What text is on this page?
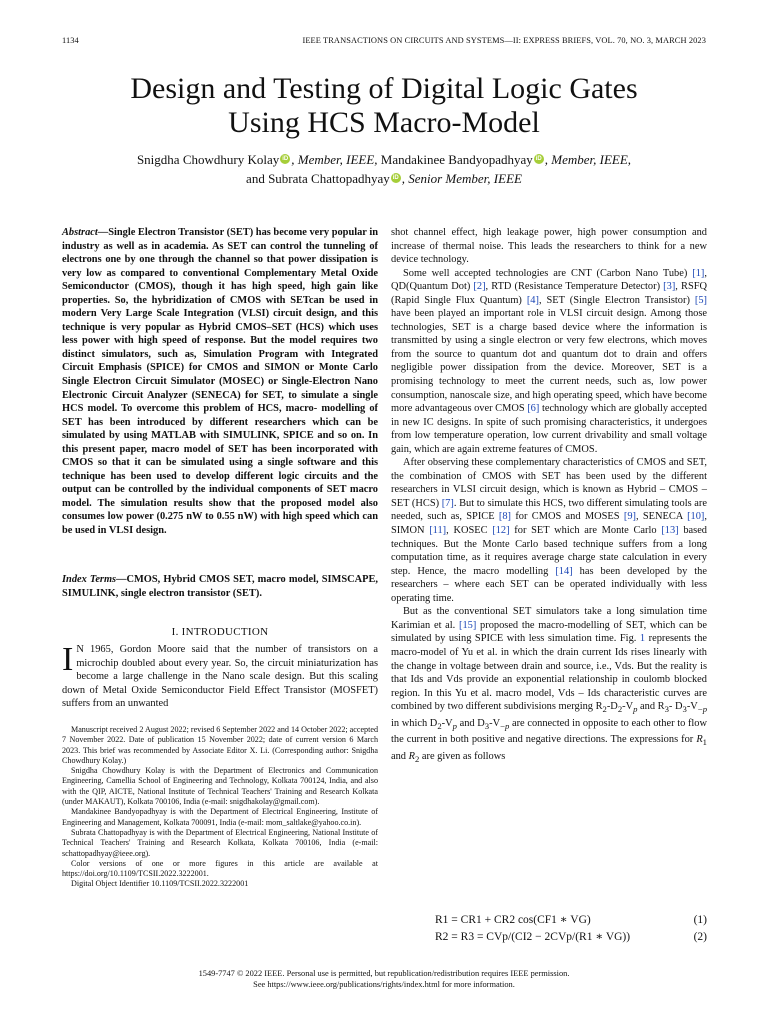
1134	IEEE TRANSACTIONS ON CIRCUITS AND SYSTEMS—II: EXPRESS BRIEFS, VOL. 70, NO. 3, MARCH 2023
Design and Testing of Digital Logic Gates
Using HCS Macro-Model
Snigdha Chowdhury Kolay iD , Member, IEEE, Mandakinee Bandyopadhyay iD , Member, IEEE,
and Subrata Chattopadhyay iD , Senior Member, IEEE
Abstract—Single Electron Transistor (SET) has become very popular in industry as well as in academia. As SET can control the tunneling of electrons one by one through the channel so that power dissipation is very low as compared to conventional Complementary Metal Oxide Semiconductor (CMOS), though it has high speed, high gain like properties. So, the hybridization of CMOS with SETcan be used in modern Very Large Scale Integration (VLSI) circuit design, and this technique is very popular as Hybrid CMOS–SET (HCS) which uses less power with high speed of response. But the model requires two distinct simulators, such as, Simulation Program with Integrated Circuit Emphasis (SPICE) for CMOS and SIMON or Monte Carlo Single Electron Circuit Simulator (MOSEC) or Single-Electron Nano Electronic Circuit Analyzer (SENECA) for SET, to simulate a single HCS model. To overcome this problem of HCS, macro- modelling of SET has been introduced by different researchers which can be simulated by using MATLAB with SIMULINK, SPICE and so on. In this present paper, macro model of SET has been incorporated with CMOS so that it can be simulated using a single software and this technique has been used to develop different logic circuits and the output can be controlled by the individual components of SET macro model. The simulation results show that the proposed model also consumes low power (0.275 nW to 0.55 nW) with high speed which can be used in VLSI design.
Index Terms—CMOS, Hybrid CMOS SET, macro model, SIMSCAPE, SIMULINK, single electron transistor (SET).
I. INTRODUCTION
I N 1965, Gordon Moore said that the number of transistors on a microchip doubled about every year. So, the circuit miniaturization has become a large challenge in the Nano scale design. But this scaling down of Metal Oxide Semiconductor Field Effect Transistor (MOSFET) suffers from an unwanted

Manuscript received 2 August 2022; revised 6 September 2022 and 14 October 2022; accepted 7 November 2022. Date of publication 15 November 2022; date of current version 6 March 2023. This brief was recommended by Associate Editor X. Li. (Corresponding author: Snigdha Chowdhury Kolay.)

Snigdha Chowdhury Kolay is with the Department of Electronics and Communication Engineering, Camellia School of Engineering and Technology, Kolkata 700124, India, and also with the QIP, AICTE, National Institute of Technical Teachers' Training and Research Kolkata (under MAKAUT), Kolkata 700106, India (e-mail: snigdhakolay@gmail.com).

Mandakinee Bandyopadhyay is with the Department of Electrical Engineering, Institute of Engineering and Management, Kolkata 700091, India (e-mail: mom_saltlake@yahoo.co.in).

Subrata Chattopadhyay is with the Department of Electrical Engineering, National Institute of Technical Teachers' Training and Research Kolkata, Kolkata 700106, India (e-mail: schattopadhyay@ieee.org).

Color versions of one or more figures in this article are available at https://doi.org/10.1109/TCSII.2022.3222001.

Digital Object Identifier 10.1109/TCSII.2022.3222001

shot channel effect, high leakage power, high power consumption and increase of thermal noise. This leads the researchers to think for a new device technology.

Some well accepted technologies are CNT (Carbon Nano Tube) [1], QD(Quantum Dot) [2], RTD (Resistance Temperature Detector) [3], RSFQ (Rapid Single Flux Quantum) [4], SET (Single Electron Transistor) [5] have been played an important role in VLSI circuit design. Among those technologies, SET is a charge based device where the information is transmitted by using a single electron or very few electrons, which moves from the source to quantum dot and quantum dot to drain and offers negligible power dissipation from the device. Moreover, SET is a promising technology to meet the current needs, such as, low power consumption, nanoscale size, and high operating speed, which have become more advantageous over CMOS [6] technology which are globally accepted in new IC designs. In spite of such promising characteristics, it undergoes from low temperature operation, low current drivability and small voltage gain, which are again extreme features of CMOS.

After observing these complementary characteristics of CMOS and SET, the combination of CMOS with SET has been used by the different researchers in VLSI circuit design, which is known as Hybrid – CMOS – SET (HCS) [7]. But to simulate this HCS, two different simulating tools are needed, such as, SPICE [8] for CMOS and MOSES [9], SENECA [10], SIMON [11], KOSEC [12] for SET which are Monte Carlo [13] based techniques. But the Monte Carlo based technique suffers from a long computation time, as it requires average charge state calculation in every step. Hence, the macro modelling [14] has been developed by the researchers – where each SET can be operated individually with less operating time.

But as the conventional SET simulators take a long simulation time Karimian et al. [15] proposed the macro-modelling of SET, which can be simulated by using SPICE with less simulation time. Fig. 1 represents the macro-model of Yu et al. in which the drain current Ids rises linearly with the change in voltage between drain and source, i.e., Vds. But the reality is that Ids and Vds provide an exponential relationship in coulomb blocked region. In this Yu et al. macro model, Vds – Ids characteristic curves are combined by two different subdivisions merging $R_2-D_2-V_p$ and $R_3-$ $D_3-V_{-p}$ in which $D_2-V_p$ and $D_3-V_{-p}$ are connected in opposite to each other to flow the current in both positive and negative directions. The expressions for $R_1$ and $R_2$ are given as follows

R1 = CR1 + CR2 cos(CF1 ∗ VG)	(1)
R2 = R3 = CVp/(CI2 − 2CVp/(R1 ∗ VG))	(2)
1549-7747 © 2022 IEEE. Personal use is permitted, but republication/redistribution requires IEEE permission.
See https://www.ieee.org/publications/rights/index.html for more information.
